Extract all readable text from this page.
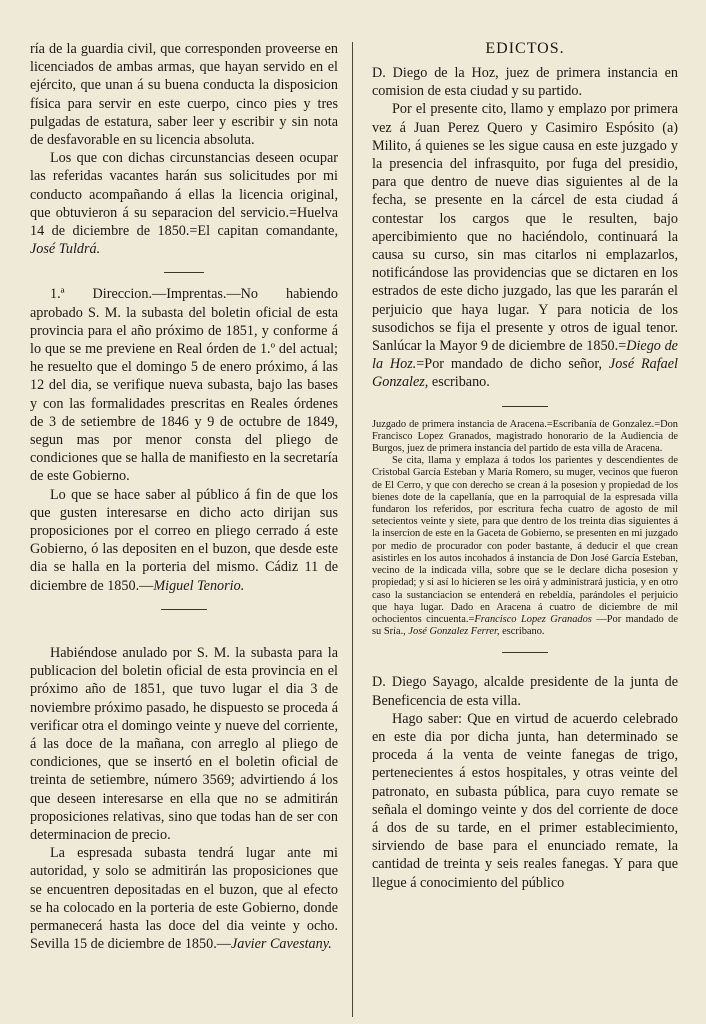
ría de la guardia civil, que corresponden proveerse en licenciados de ambas armas, que hayan servido en el ejército, que unan á su buena conducta la disposicion física para servir en este cuerpo, cinco pies y tres pulgadas de estatura, saber leer y escribir y sin nota de desfavorable en su licencia absoluta.

Los que con dichas circunstancias deseen ocupar las referidas vacantes harán sus solicitudes por mi conducto acompañando á ellas la licencia original, que obtuvieron á su separacion del servicio.=Huelva 14 de diciembre de 1850.=El capitan comandante, José Tuldrá.

1.ª Direccion.—Imprentas.—No habiendo aprobado S. M. la subasta del boletin oficial de esta provincia para el año próximo de 1851, y conforme á lo que se me previene en Real órden de 1.º del actual; he resuelto que el domingo 5 de enero próximo, á las 12 del dia, se verifique nueva subasta, bajo las bases y con las formalidades prescritas en Reales órdenes de 3 de setiembre de 1846 y 9 de octubre de 1849, segun mas por menor consta del pliego de condiciones que se halla de manifiesto en la secretaría de este Gobierno.

Lo que se hace saber al público á fin de que los que gusten interesarse en dicho acto dirijan sus proposiciones por el correo en pliego cerrado á este Gobierno, ó las depositen en el buzon, que desde este dia se halla en la porteria del mismo. Cádiz 11 de diciembre de 1850.—Miguel Tenorio.

Habiéndose anulado por S. M. la subasta para la publicacion del boletin oficial de esta provincia en el próximo año de 1851, que tuvo lugar el dia 3 de noviembre próximo pasado, he dispuesto se proceda á verificar otra el domingo veinte y nueve del corriente, á las doce de la mañana, con arreglo al pliego de condiciones, que se insertó en el boletin oficial de treinta de setiembre, número 3569; advirtiendo á los que deseen interesarse en ella que no se admitirán proposiciones relativas, sino que todas han de ser con determinacion de precio.

La espresada subasta tendrá lugar ante mi autoridad, y solo se admitirán las proposiciones que se encuentren depositadas en el buzon, que al efecto se ha colocado en la porteria de este Gobierno, donde permanecerá hasta las doce del dia veinte y ocho. Sevilla 15 de diciembre de 1850.—Javier Cavestany.

EDICTOS.

D. Diego de la Hoz, juez de primera instancia en comision de esta ciudad y su partido.

Por el presente cito, llamo y emplazo por primera vez á Juan Perez Quero y Casimiro Espósito (a) Milito, á quienes se les sigue causa en este juzgado y la presencia del infrasquito, por fuga del presidio, para que dentro de nueve dias siguientes al de la fecha, se presente en la cárcel de esta ciudad á contestar los cargos que le resulten, bajo apercibimiento que no haciéndolo, continuará la causa su curso, sin mas citarlos ni emplazarlos, notificándose las providencias que se dictaren en los estrados de este dicho juzgado, las que les pararán el perjuicio que haya lugar. Y para noticia de los susodichos se fija el presente y otros de igual tenor. Sanlúcar la Mayor 9 de diciembre de 1850.=Diego de la Hoz.=Por mandado de dicho señor, José Rafael Gonzalez, escribano.

Juzgado de primera instancia de Aracena.=Escribanía de Gonzalez.=Don Francisco Lopez Granados, magistrado honorario de la Audiencia de Burgos, juez de primera instancia del partido de esta villa de Aracena.

Se cita, llama y emplaza á todos los parientes y descendientes de Cristobal García Esteban y María Romero, su muger, vecinos que fueron de El Cerro, y que con derecho se crean á la posesion y propiedad de los bienes dote de la capellanía, que en la parroquial de la espresada villa fundaron los referidos, por escritura fecha cuatro de agosto de mil setecientos veinte y siete, para que dentro de los treinta dias siguientes á la insercion de este en la Gaceta de Gobierno, se presenten en mi juzgado por medio de procurador con poder bastante, á deducir el que crean asistirles en los autos incohados á instancia de Don José García Esteban, vecino de la indicada villa, sobre que se le declare dicha posesion y propiedad; y si así lo hicieren se les oirá y administrará justicia, y en otro caso la sustanciacion se entenderá en rebeldía, parándoles el perjuicio que haya lugar. Dado en Aracena á cuatro de diciembre de mil ochocientos cincuenta.=Francisco Lopez Granados —Por mandado de su Sría., José Gonzalez Ferrer, escribano.

D. Diego Sayago, alcalde presidente de la junta de Beneficencia de esta villa.

Hago saber: Que en virtud de acuerdo celebrado en este dia por dicha junta, han determinado se proceda á la venta de veinte fanegas de trigo, pertenecientes á estos hospitales, y otras veinte del patronato, en subasta pública, para cuyo remate se señala el domingo veinte y dos del corriente de doce á dos de su tarde, en el primer establecimiento, sirviendo de base para el enunciado remate, la cantidad de treinta y seis reales fanegas. Y para que llegue á conocimiento del público
